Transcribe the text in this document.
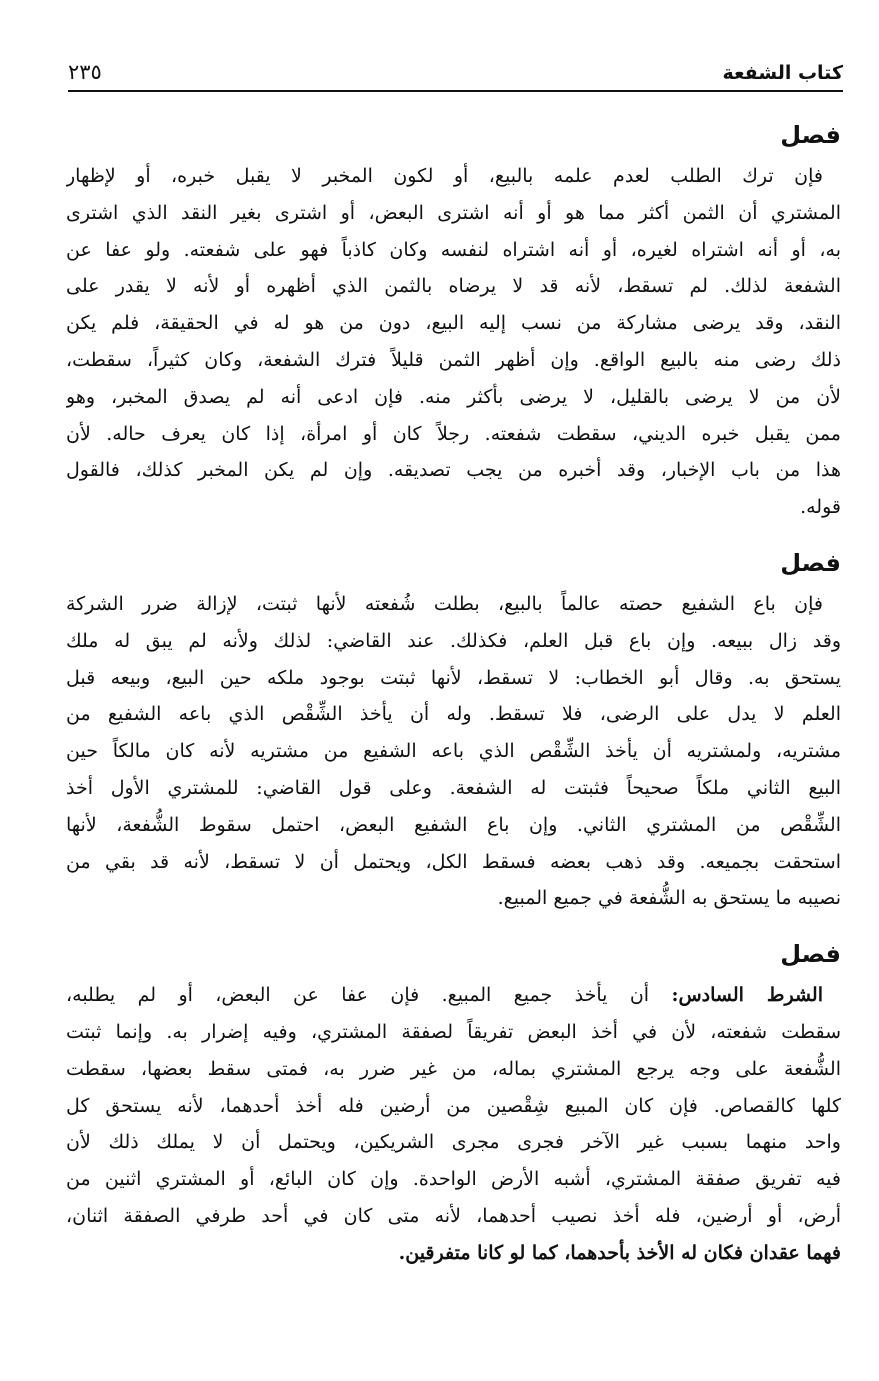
كتاب الشفعة
٢٣٥
فصل
فإن ترك الطلب لعدم علمه بالبيع، أو لكون المخبر لا يقبل خبره، أو لإظهار
المشتري أن الثمن أكثر مما هو أو أنه اشترى البعض، أو اشترى بغير النقد الذي اشترى
به، أو أنه اشتراه لغيره، أو أنه اشتراه لنفسه وكان كاذباً فهو على شفعته. ولو عفا عن
الشفعة لذلك. لم تسقط، لأنه قد لا يرضاه بالثمن الذي أظهره أو لأنه لا يقدر على
النقد، وقد يرضى مشاركة من نسب إليه البيع، دون من هو له في الحقيقة، فلم يكن
ذلك رضى منه بالبيع الواقع. وإن أظهر الثمن قليلاً فترك الشفعة، وكان كثيراً، سقطت،
لأن من لا يرضى بالقليل، لا يرضى بأكثر منه. فإن ادعى أنه لم يصدق المخبر، وهو
ممن يقبل خبره الديني، سقطت شفعته. رجلاً كان أو امرأة، إذا كان يعرف حاله. لأن
هذا من باب الإخبار، وقد أخبره من يجب تصديقه. وإن لم يكن المخبر كذلك، فالقول
قوله.
فصل
فإن باع الشفيع حصته عالماً بالبيع، بطلت شُفعته لأنها ثبتت، لإزالة ضرر الشركة
وقد زال ببيعه. وإن باع قبل العلم، فكذلك. عند القاضي: لذلك ولأنه لم يبق له ملك
يستحق به. وقال أبو الخطاب: لا تسقط، لأنها ثبتت بوجود ملكه حين البيع، وبيعه قبل
العلم لا يدل على الرضى، فلا تسقط. وله أن يأخذ الشِّقْص الذي باعه الشفيع من
مشتريه، ولمشتريه أن يأخذ الشِّقْص الذي باعه الشفيع من مشتريه لأنه كان مالكاً حين
البيع الثاني ملكاً صحيحاً فثبتت له الشفعة. وعلى قول القاضي: للمشتري الأول أخذ
الشِّقْص من المشتري الثاني. وإن باع الشفيع البعض، احتمل سقوط الشُّفعة، لأنها
استحقت بجميعه. وقد ذهب بعضه فسقط الكل، ويحتمل أن لا تسقط، لأنه قد بقي من
نصيبه ما يستحق به الشُّفعة في جميع المبيع.
فصل
الشرط السادس: أن يأخذ جميع المبيع. فإن عفا عن البعض، أو لم يطلبه،
سقطت شفعته، لأن في أخذ البعض تفريقاً لصفقة المشتري، وفيه إضرار به. وإنما ثبتت
الشُّفعة على وجه يرجع المشتري بماله، من غير ضرر به، فمتى سقط بعضها، سقطت
كلها كالقصاص. فإن كان المبيع شِقْصين من أرضين فله أخذ أحدهما، لأنه يستحق كل
واحد منهما بسبب غير الآخر فجرى مجرى الشريكين، ويحتمل أن لا يملك ذلك لأن
فيه تفريق صفقة المشتري، أشبه الأرض الواحدة. وإن كان البائع، أو المشتري اثنين من
أرض، أو أرضين، فله أخذ نصيب أحدهما، لأنه متى كان في أحد طرفي الصفقة اثنان،
فهما عقدان فكان له الأخذ بأحدهما، كما لو كانا متفرقين.
